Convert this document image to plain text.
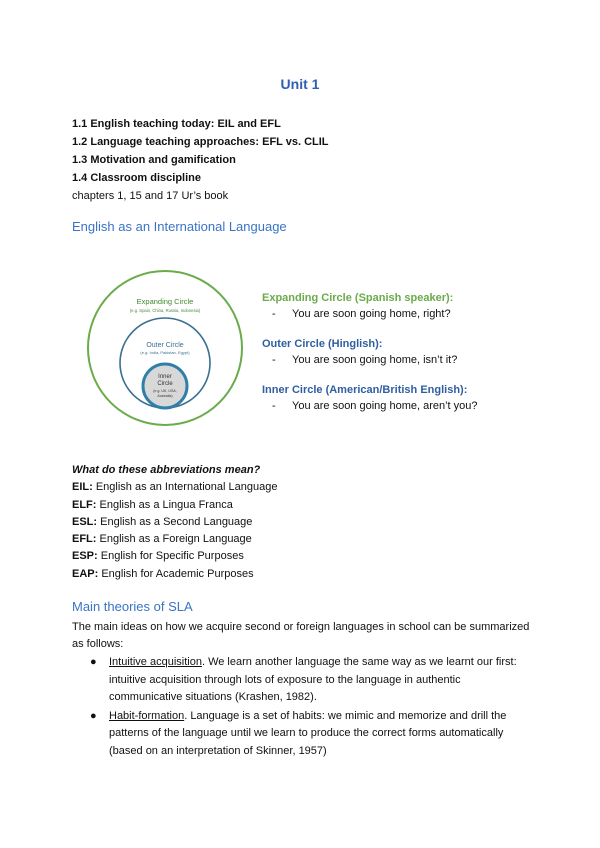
Unit 1
1.1 English teaching today: EIL and EFL
1.2 Language teaching approaches: EFL vs. CLIL
1.3 Motivation and gamification
1.4 Classroom discipline
chapters 1, 15 and 17 Ur’s book
English as an International Language
Expanding Circle
(e.g. Spain, China, Russia, Indonesia)
Outer Circle
(e.g. India, Pakistan, Egypt)
Inner
Circle
(e.g. UK, USA,
Australia)
Expanding Circle (Spanish speaker):
- You are soon going home, right?
Outer Circle (Hinglish):
- You are soon going home, isn’t it?
Inner Circle (American/British English):
- You are soon going home, aren’t you?
What do these abbreviations mean?
EIL: English as an International Language
ELF: English as a Lingua Franca
ESL: English as a Second Language
EFL: English as a Foreign Language
ESP: English for Specific Purposes
EAP: English for Academic Purposes
Main theories of SLA
The main ideas on how we acquire second or foreign languages in school can be summarized as follows:
● Intuitive acquisition. We learn another language the same way as we learnt our first: intuitive acquisition through lots of exposure to the language in authentic communicative situations (Krashen, 1982).
● Habit-formation. Language is a set of habits: we mimic and memorize and drill the patterns of the language until we learn to produce the correct forms automatically (based on an interpretation of Skinner, 1957)
